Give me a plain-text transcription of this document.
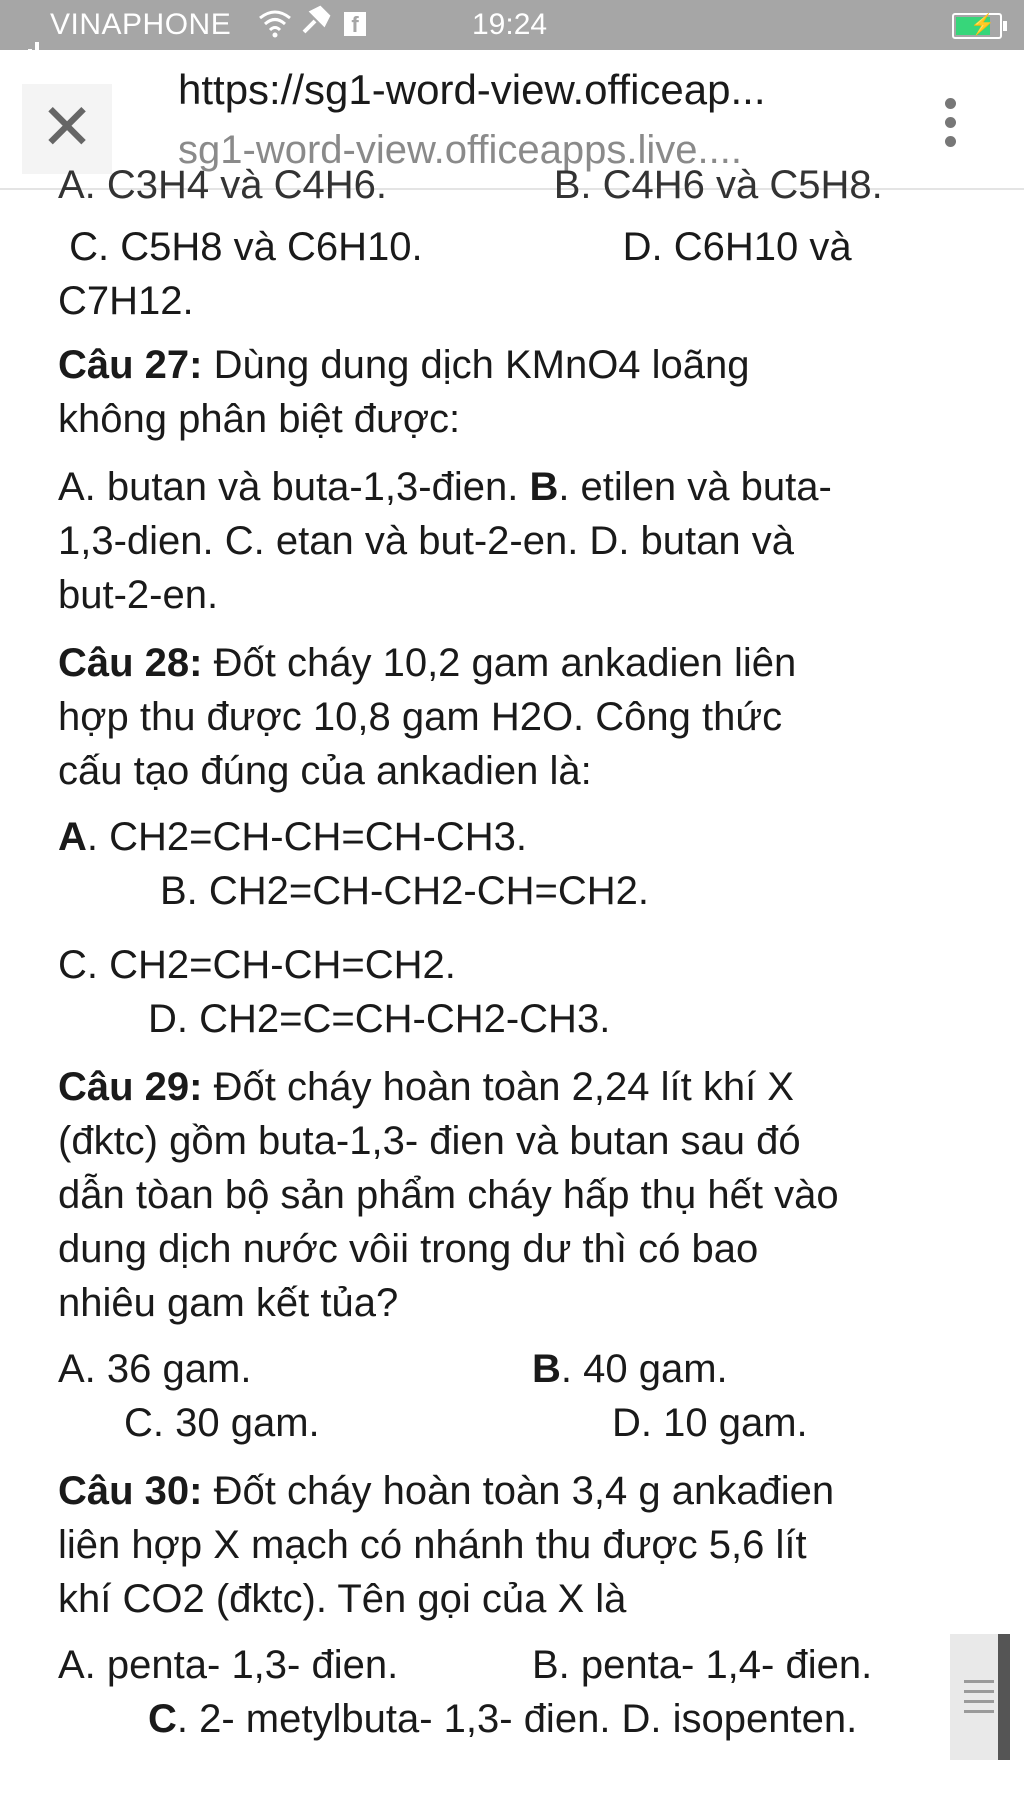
VINAPHONE	f	19:24	⚡
✕
https://sg1-word-view.officeap...
sg1-word-view.officeapps.live....

A. C3H4 và C4H6.               B. C4H6 và C5H8.

C. C5H8 và C6H10.                  D. C6H10 và

C7H12.

Câu 27: Dùng dung dịch KMnO4 loãng

không phân biệt được:

A. butan và buta-1,3-đien. B. etilen và buta-

1,3-dien. C. etan và but-2-en. D. butan và

but-2-en.

Câu 28: Đốt cháy 10,2 gam ankadien liên

hợp thu được 10,8 gam H2O. Công thức

cấu tạo đúng của ankadien là:

A. CH2=CH-CH=CH-CH3.

B. CH2=CH-CH2-CH=CH2.

C. CH2=CH-CH=CH2.

D. CH2=C=CH-CH2-CH3.

Câu 29: Đốt cháy hoàn toàn 2,24 lít khí X

(đktc) gồm buta-1,3- đien và butan sau đó

dẫn tòan bộ sản phẩm cháy hấp thụ hết vào

dung dịch nước vôii trong dư thì có bao

nhiêu gam kết tủa?

A. 36 gam.	B. 40 gam.

C. 30 gam.	D. 10 gam.

Câu 30: Đốt cháy hoàn toàn 3,4 g ankađien

liên hợp X mạch có nhánh thu được 5,6 lít

khí CO2 (đktc). Tên gọi của X là

A. penta- 1,3- đien.	B. penta- 1,4- đien.

C. 2- metylbuta- 1,3- đien. D. isopenten.
